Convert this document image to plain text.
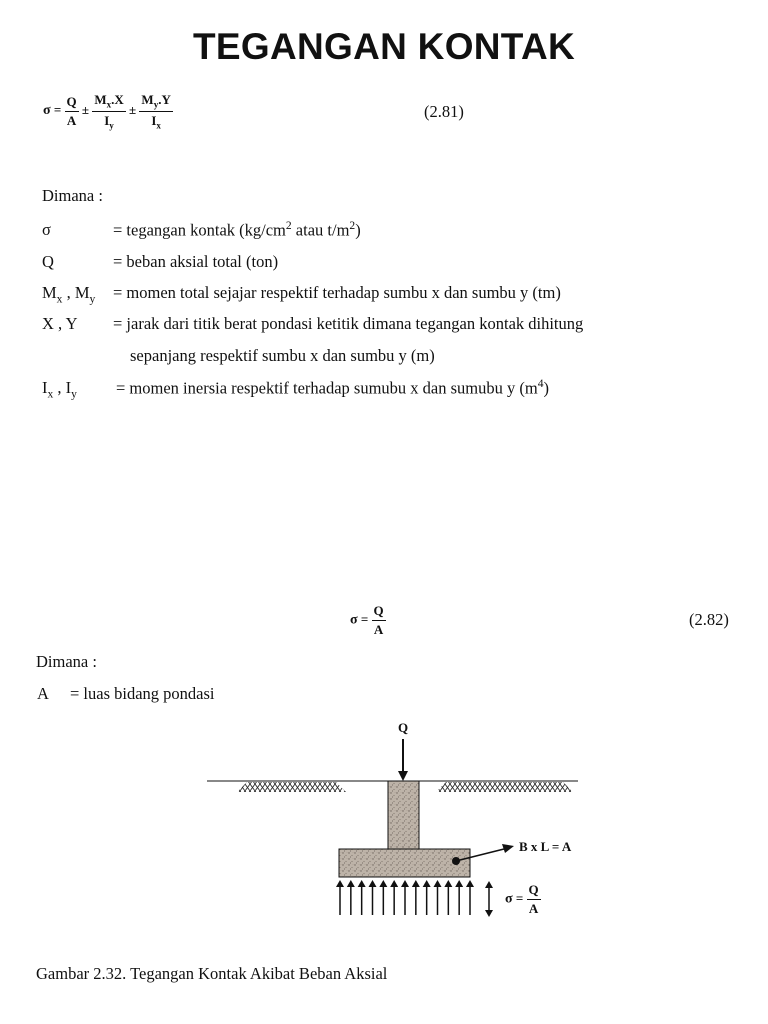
TEGANGAN KONTAK
$\sigma = \frac{Q}{A} \pm \frac{M_x.X}{I_y} \pm \frac{M_y.Y}{I_x}$	(2.81)
Dimana :
σ	= tegangan kontak ($kg/cm^2$ atau $t/m^2$)
Q	= beban aksial total (ton)
$M_x$ , $M_y$ = momen total sejajar respektif terhadap sumbu x dan sumbu y (tm)
X , Y = jarak dari titik berat pondasi ketitik dimana tegangan kontak dihitung
sepanjang respektif sumbu x dan sumbu y (m)
$I_x$ , $I_y$ = momen inersia respektif terhadap sumubu x dan sumubu y $(m^4)$
$\sigma = \frac{Q}{A}$	(2.82)
Dimana :
A = luas bidang pondasi
Q
B x L = A
$\sigma = \frac{Q}{A}$
Gambar 2.32. Tegangan Kontak Akibat Beban Aksial
